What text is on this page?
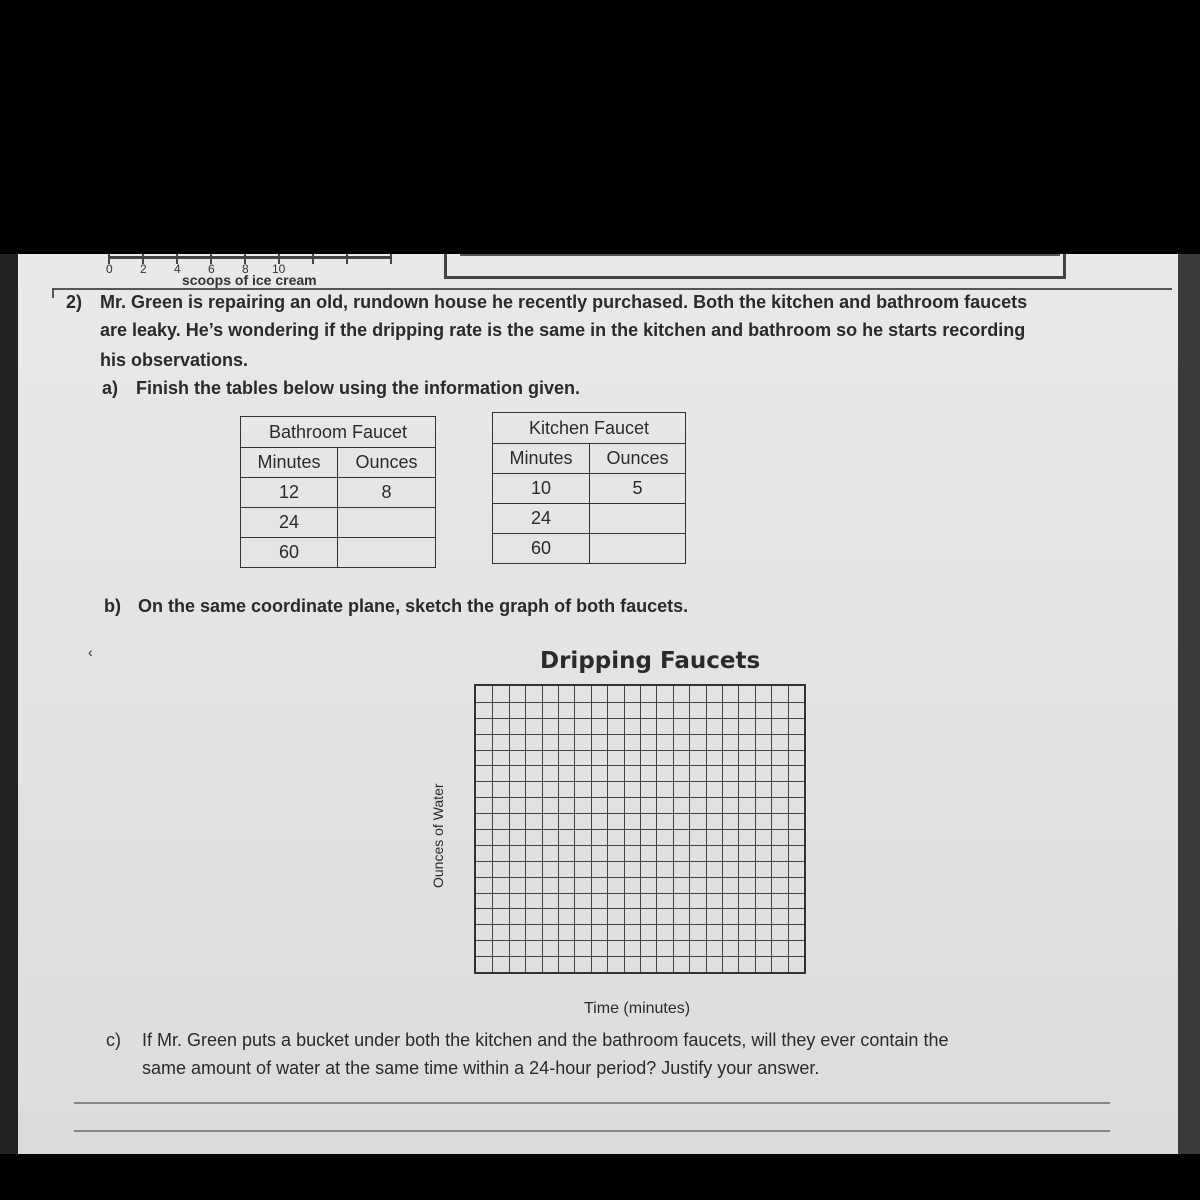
0 2 4 6 8 10
scoops of ice cream
2) Mr. Green is repairing an old, rundown house he recently purchased. Both the kitchen and bathroom faucets
are leaky. He’s wondering if the dripping rate is the same in the kitchen and bathroom so he starts recording
his observations.
a) Finish the tables below using the information given.
Bathroom Faucet	
Minutes	Ounces
12	8
24	
60	
Kitchen Faucet	
Minutes	Ounces
10	5
24	
60	
b) On the same coordinate plane, sketch the graph of both faucets.
‹	Dripping Faucets
Ounces of Water
Time (minutes)
c) If Mr. Green puts a bucket under both the kitchen and the bathroom faucets, will they ever contain the
same amount of water at the same time within a 24-hour period? Justify your answer.
